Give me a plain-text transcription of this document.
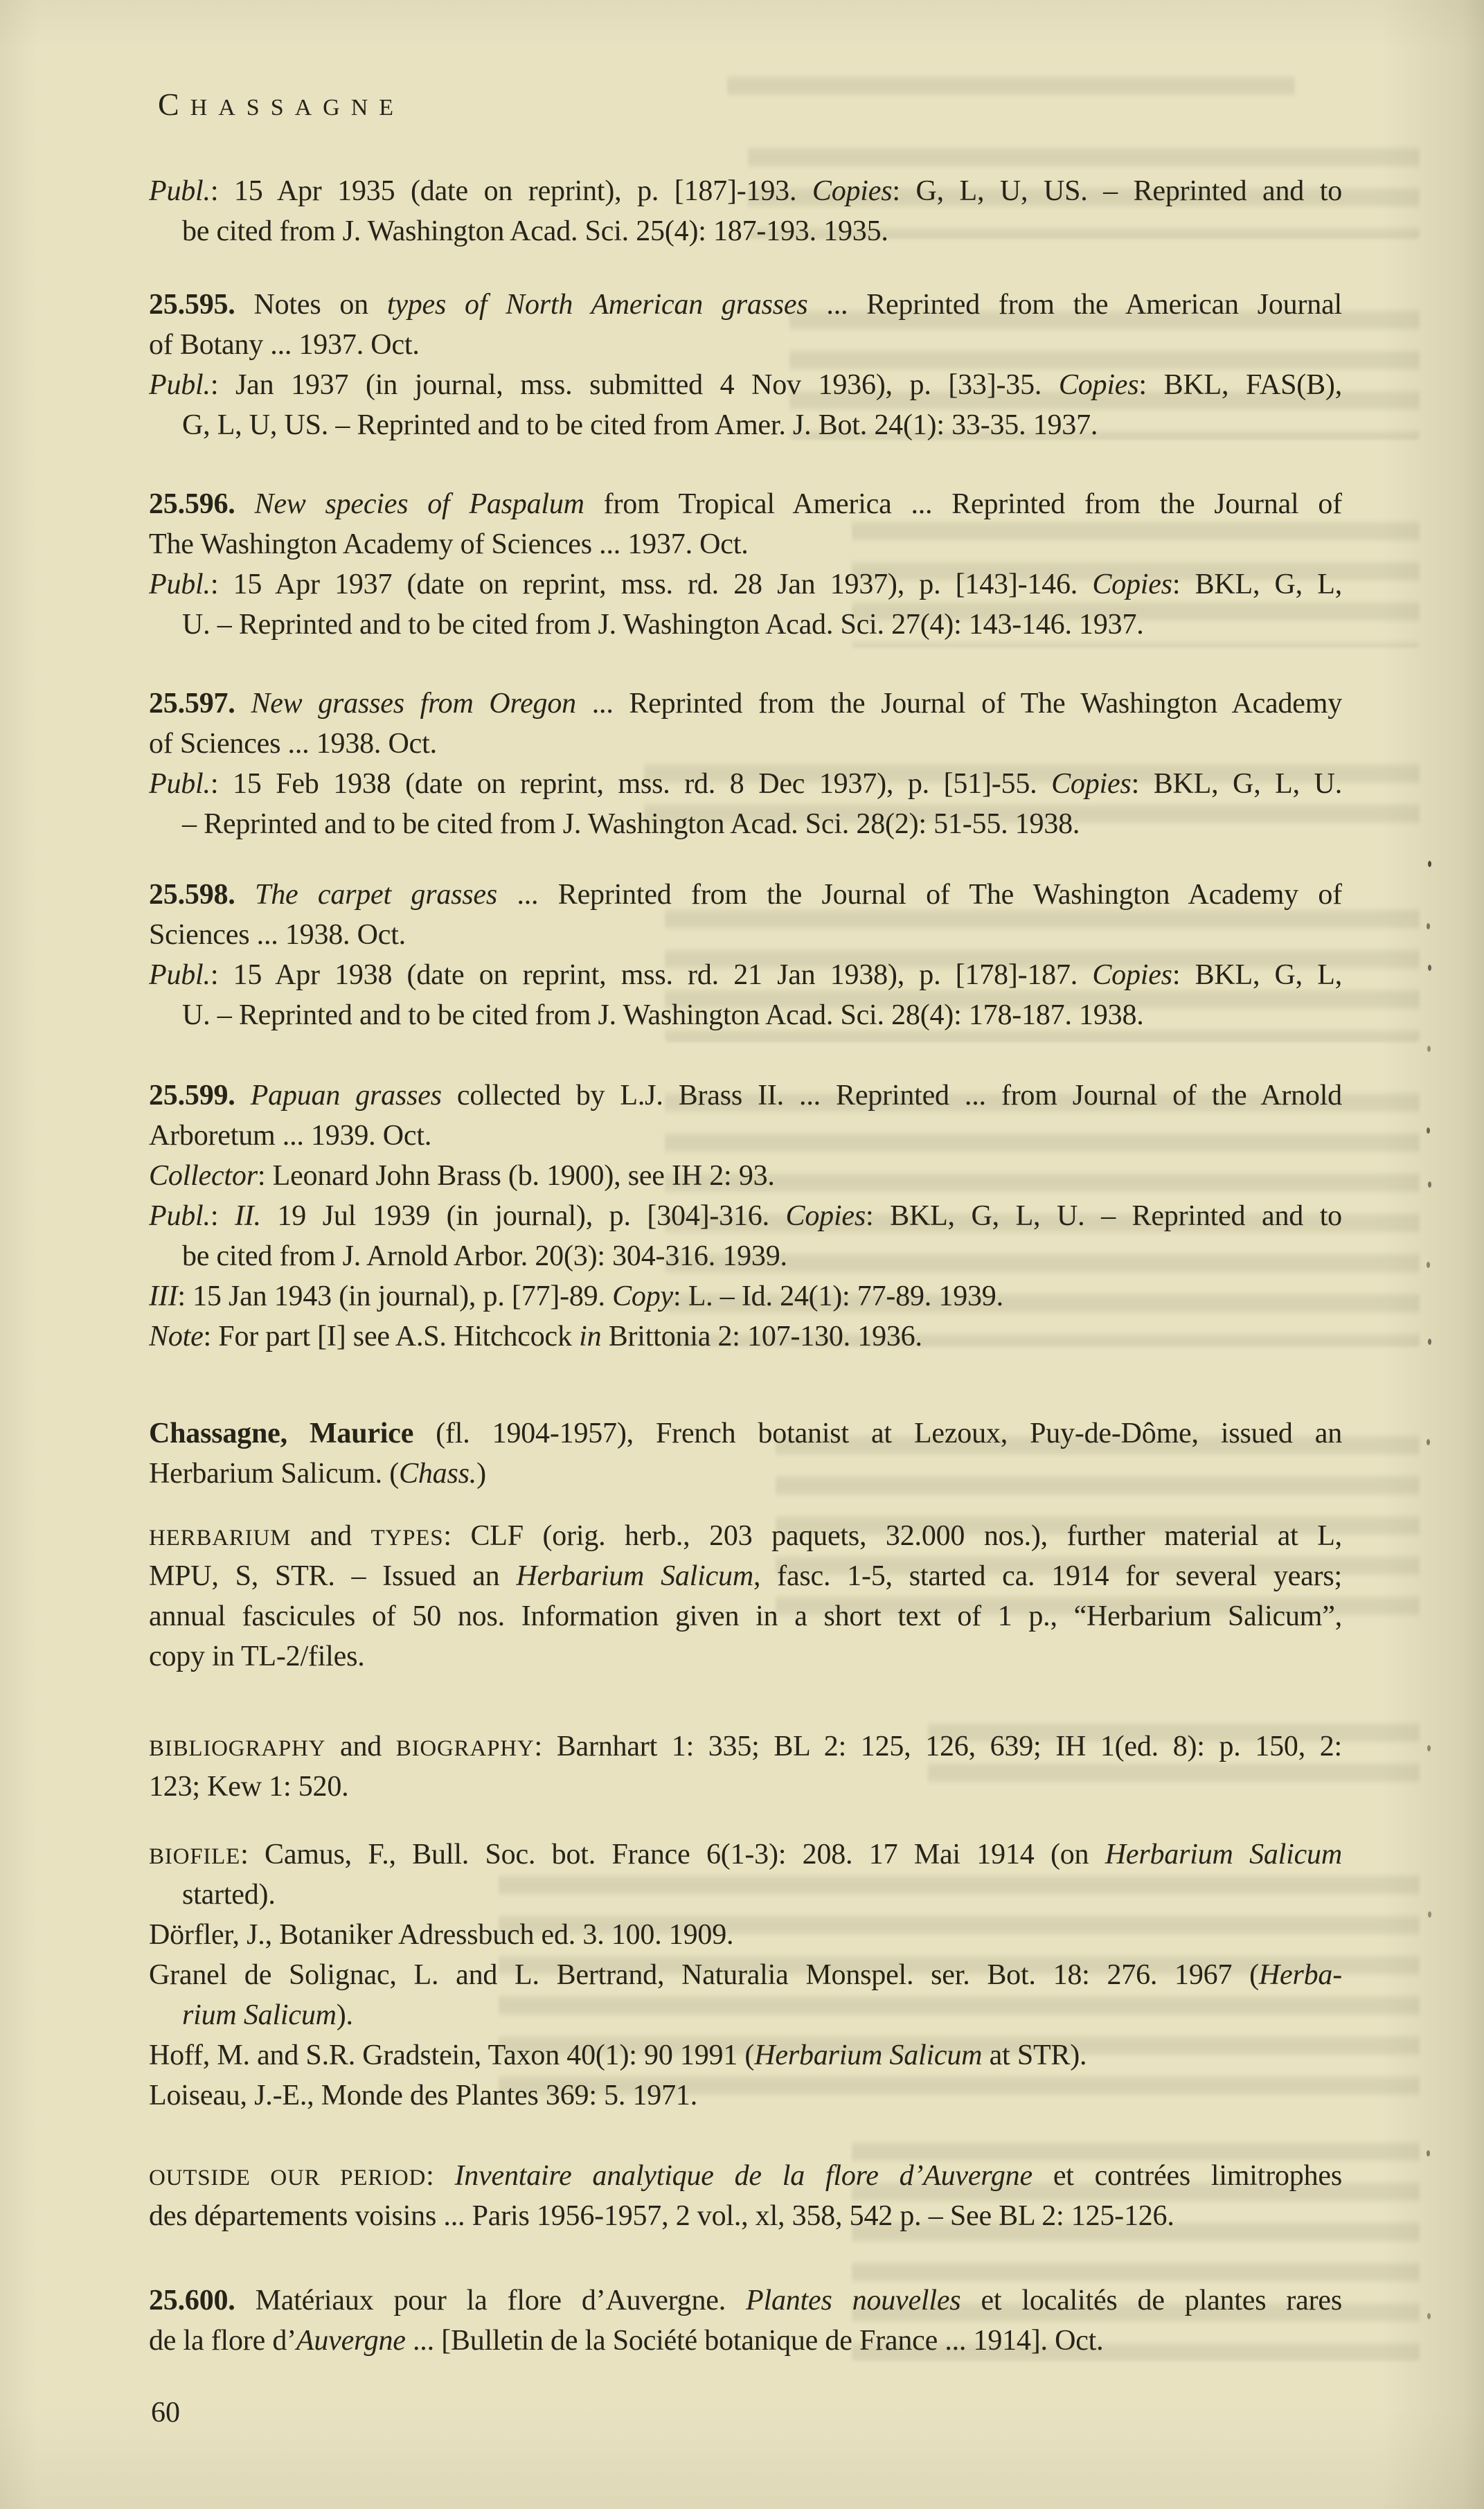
CHASSAGNE
Publ.: 15 Apr 1935 (date on reprint), p. [187]-193. Copies: G, L, U, US. – Reprinted and to
be cited from J. Washington Acad. Sci. 25(4): 187-193. 1935.
25.595. Notes on types of North American grasses ... Reprinted from the American Journal
of Botany ... 1937. Oct.
Publ.: Jan 1937 (in journal, mss. submitted 4 Nov 1936), p. [33]-35. Copies: BKL, FAS(B),
G, L, U, US. – Reprinted and to be cited from Amer. J. Bot. 24(1): 33-35. 1937.
25.596. New species of Paspalum from Tropical America ... Reprinted from the Journal of
The Washington Academy of Sciences ... 1937. Oct.
Publ.: 15 Apr 1937 (date on reprint, mss. rd. 28 Jan 1937), p. [143]-146. Copies: BKL, G, L,
U. – Reprinted and to be cited from J. Washington Acad. Sci. 27(4): 143-146. 1937.
25.597. New grasses from Oregon ... Reprinted from the Journal of The Washington Academy
of Sciences ... 1938. Oct.
Publ.: 15 Feb 1938 (date on reprint, mss. rd. 8 Dec 1937), p. [51]-55. Copies: BKL, G, L, U.
– Reprinted and to be cited from J. Washington Acad. Sci. 28(2): 51-55. 1938.
25.598. The carpet grasses ... Reprinted from the Journal of The Washington Academy of
Sciences ... 1938. Oct.
Publ.: 15 Apr 1938 (date on reprint, mss. rd. 21 Jan 1938), p. [178]-187. Copies: BKL, G, L,
U. – Reprinted and to be cited from J. Washington Acad. Sci. 28(4): 178-187. 1938.
25.599. Papuan grasses collected by L.J. Brass II. ... Reprinted ... from Journal of the Arnold
Arboretum ... 1939. Oct.
Collector: Leonard John Brass (b. 1900), see IH 2: 93.
Publ.: II. 19 Jul 1939 (in journal), p. [304]-316. Copies: BKL, G, L, U. – Reprinted and to
be cited from J. Arnold Arbor. 20(3): 304-316. 1939.
III: 15 Jan 1943 (in journal), p. [77]-89. Copy: L. – Id. 24(1): 77-89. 1939.
Note: For part [I] see A.S. Hitchcock in Brittonia 2: 107-130. 1936.
Chassagne, Maurice (fl. 1904-1957), French botanist at Lezoux, Puy-de-Dôme, issued an
Herbarium Salicum. (Chass.)
HERBARIUM and TYPES: CLF (orig. herb., 203 paquets, 32.000 nos.), further material at L,
MPU, S, STR. – Issued an Herbarium Salicum, fasc. 1-5, started ca. 1914 for several years;
annual fascicules of 50 nos. Information given in a short text of 1 p., “Herbarium Salicum”,
copy in TL-2/files.
BIBLIOGRAPHY and BIOGRAPHY: Barnhart 1: 335; BL 2: 125, 126, 639; IH 1(ed. 8): p. 150, 2:
123; Kew 1: 520.
BIOFILE: Camus, F., Bull. Soc. bot. France 6(1-3): 208. 17 Mai 1914 (on Herbarium Salicum
started).
Dörfler, J., Botaniker Adressbuch ed. 3. 100. 1909.
Granel de Solignac, L. and L. Bertrand, Naturalia Monspel. ser. Bot. 18: 276. 1967 (Herba-
rium Salicum).
Hoff, M. and S.R. Gradstein, Taxon 40(1): 90 1991 (Herbarium Salicum at STR).
Loiseau, J.-E., Monde des Plantes 369: 5. 1971.
OUTSIDE OUR PERIOD: Inventaire analytique de la flore d’Auvergne et contrées limitrophes
des départements voisins ... Paris 1956-1957, 2 vol., xl, 358, 542 p. – See BL 2: 125-126.
25.600. Matériaux pour la flore d’Auvergne. Plantes nouvelles et localités de plantes rares
de la flore d’Auvergne ... [Bulletin de la Société botanique de France ... 1914]. Oct.
60
